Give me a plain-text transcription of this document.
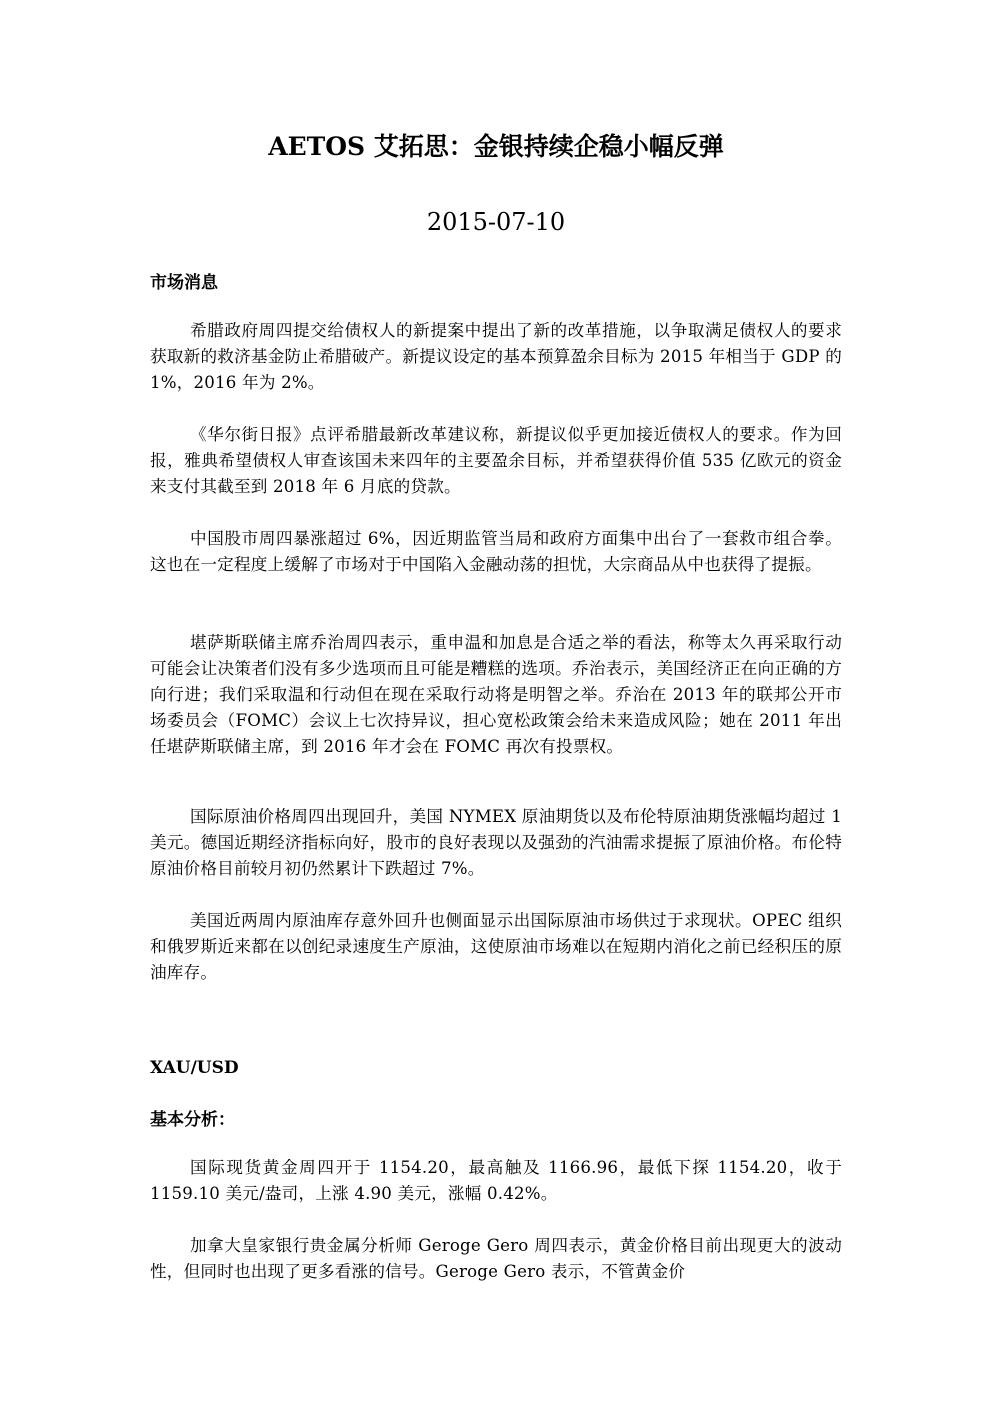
AETOS 艾拓思：金银持续企稳小幅反弹
2015-07-10
市场消息

希腊政府周四提交给债权人的新提案中提出了新的改革措施，以争取满足债权人的要求获取新的救济基金防止希腊破产。新提议设定的基本预算盈余目标为 2015 年相当于 GDP 的 1%，2016 年为 2%。

《华尔街日报》点评希腊最新改革建议称，新提议似乎更加接近债权人的要求。作为回报，雅典希望债权人审查该国未来四年的主要盈余目标，并希望获得价值 535 亿欧元的资金来支付其截至到 2018 年 6 月底的贷款。

中国股市周四暴涨超过 6%，因近期监管当局和政府方面集中出台了一套救市组合拳。这也在一定程度上缓解了市场对于中国陷入金融动荡的担忧，大宗商品从中也获得了提振。

堪萨斯联储主席乔治周四表示，重申温和加息是合适之举的看法，称等太久再采取行动可能会让决策者们没有多少选项而且可能是糟糕的选项。乔治表示，美国经济正在向正确的方向行进；我们采取温和行动但在现在采取行动将是明智之举。乔治在 2013 年的联邦公开市场委员会（FOMC）会议上七次持异议，担心宽松政策会给未来造成风险；她在 2011 年出任堪萨斯联储主席，到 2016 年才会在 FOMC 再次有投票权。

国际原油价格周四出现回升，美国 NYMEX 原油期货以及布伦特原油期货涨幅均超过 1 美元。德国近期经济指标向好，股市的良好表现以及强劲的汽油需求提振了原油价格。布伦特原油价格目前较月初仍然累计下跌超过 7%。

美国近两周内原油库存意外回升也侧面显示出国际原油市场供过于求现状。OPEC 组织和俄罗斯近来都在以创纪录速度生产原油，这使原油市场难以在短期内消化之前已经积压的原油库存。

XAU/USD
基本分析：

国际现货黄金周四开于 1154.20，最高触及 1166.96，最低下探 1154.20，收于 1159.10 美元/盎司，上涨 4.90 美元，涨幅 0.42%。

加拿大皇家银行贵金属分析师 Geroge Gero 周四表示，黄金价格目前出现更大的波动性，但同时也出现了更多看涨的信号。Geroge Gero 表示，不管黄金价
